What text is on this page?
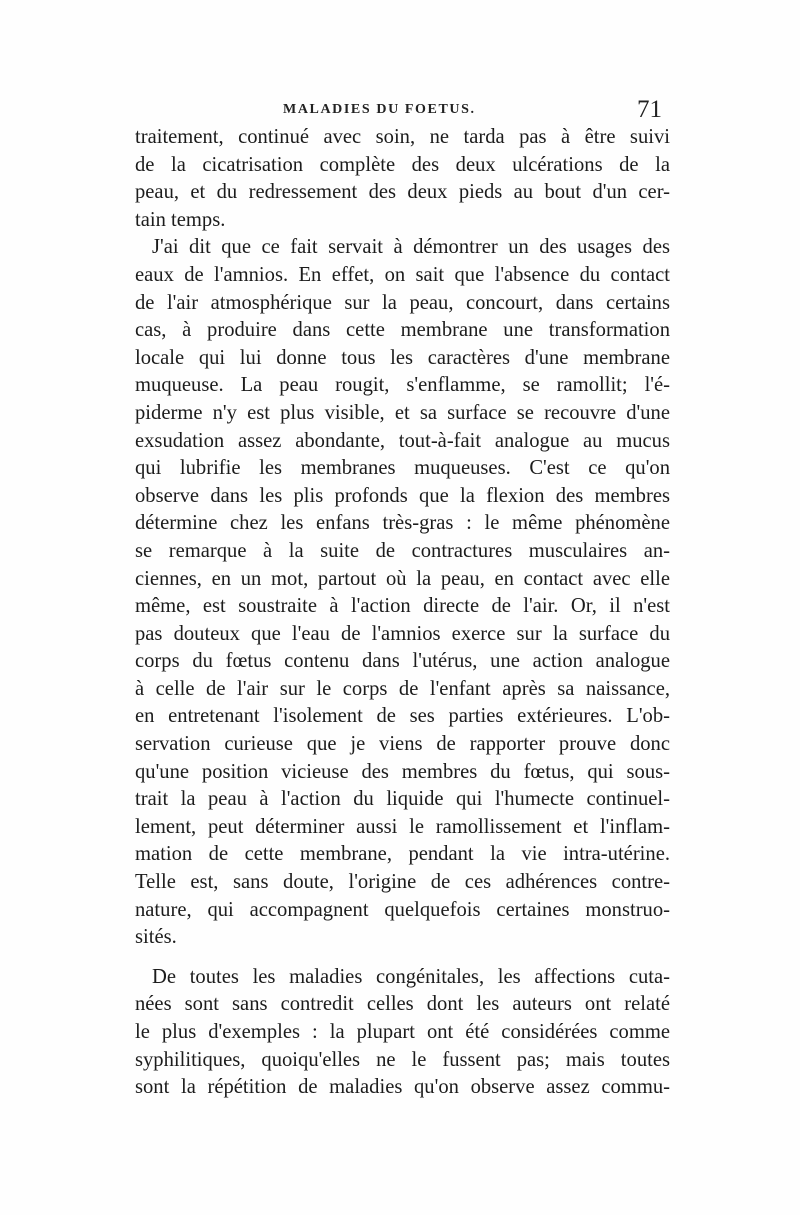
MALADIES DU FOETUS.	71
traitement, continué avec soin, ne tarda pas à être suivi
de la cicatrisation complète des deux ulcérations de la
peau, et du redressement des deux pieds au bout d'un cer-
tain temps.
J'ai dit que ce fait servait à démontrer un des usages des
eaux de l'amnios. En effet, on sait que l'absence du contact
de l'air atmosphérique sur la peau, concourt, dans certains
cas, à produire dans cette membrane une transformation
locale qui lui donne tous les caractères d'une membrane
muqueuse. La peau rougit, s'enflamme, se ramollit; l'é-
piderme n'y est plus visible, et sa surface se recouvre d'une
exsudation assez abondante, tout-à-fait analogue au mucus
qui lubrifie les membranes muqueuses. C'est ce qu'on
observe dans les plis profonds que la flexion des membres
détermine chez les enfans très-gras : le même phénomène
se remarque à la suite de contractures musculaires an-
ciennes, en un mot, partout où la peau, en contact avec elle
même, est soustraite à l'action directe de l'air. Or, il n'est
pas douteux que l'eau de l'amnios exerce sur la surface du
corps du fœtus contenu dans l'utérus, une action analogue
à celle de l'air sur le corps de l'enfant après sa naissance,
en entretenant l'isolement de ses parties extérieures. L'ob-
servation curieuse que je viens de rapporter prouve donc
qu'une position vicieuse des membres du fœtus, qui sous-
trait la peau à l'action du liquide qui l'humecte continuel-
lement, peut déterminer aussi le ramollissement et l'inflam-
mation de cette membrane, pendant la vie intra-utérine.
Telle est, sans doute, l'origine de ces adhérences contre-
nature, qui accompagnent quelquefois certaines monstruo-
sités.
De toutes les maladies congénitales, les affections cuta-
nées sont sans contredit celles dont les auteurs ont relaté
le plus d'exemples : la plupart ont été considérées comme
syphilitiques, quoiqu'elles ne le fussent pas; mais toutes
sont la répétition de maladies qu'on observe assez commu-
